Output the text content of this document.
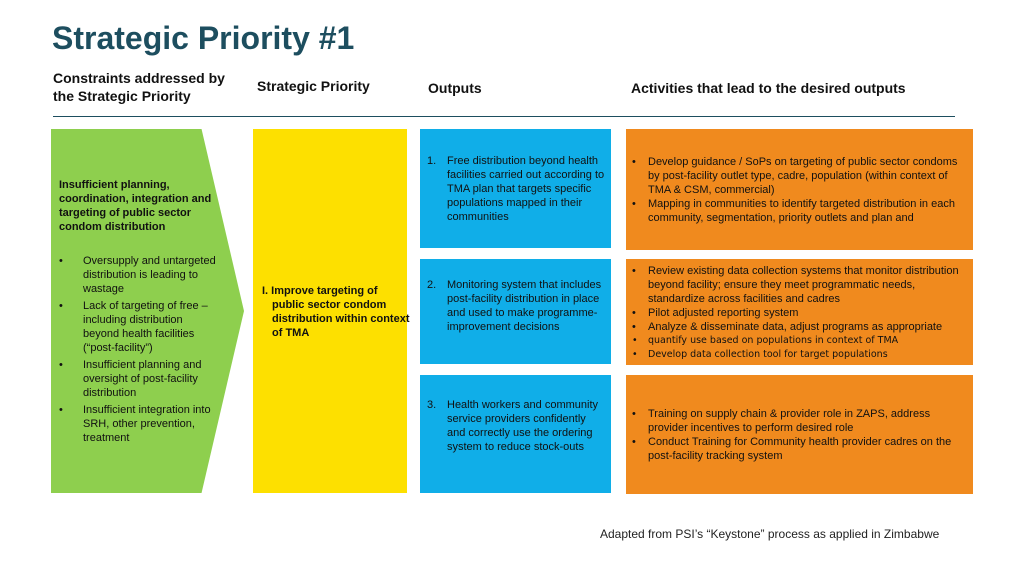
Strategic Priority #1
Constraints addressed by the Strategic Priority
Strategic Priority	Outputs	Activities that lead to the desired outputs
Insufficient planning, coordination, integration and targeting of public sector condom distribution
• Oversupply and untargeted distribution is leading to wastage
• Lack of targeting of free – including distribution beyond health facilities (“post-facility”)
• Insufficient planning and oversight of post-facility distribution
• Insufficient integration into SRH, other prevention, treatment
I. Improve targeting of public sector condom distribution within context of TMA
1. Free distribution beyond health facilities carried out according to TMA plan that targets specific populations mapped in their communities
2. Monitoring system that includes post-facility distribution in place and used to make programme-improvement decisions
3. Health workers and community service providers confidently and correctly use the ordering system to reduce stock-outs
• Develop guidance / SoPs on targeting of public sector condoms by post-facility outlet type, cadre, population (within context of TMA & CSM, commercial)
• Mapping in communities to identify targeted distribution in each community, segmentation, priority outlets and plan and
• Review existing data collection systems that monitor distribution beyond facility; ensure they meet programmatic needs, standardize across facilities and cadres
• Pilot adjusted reporting system
• Analyze & disseminate data, adjust programs as appropriate
• quantify use based on populations in context of TMA
• Develop data collection tool for target populations
• Training on supply chain & provider role in ZAPS, address provider incentives to perform desired role
• Conduct Training for Community health provider cadres on the post-facility tracking system
Adapted from PSI’s “Keystone” process as applied in Zimbabwe
